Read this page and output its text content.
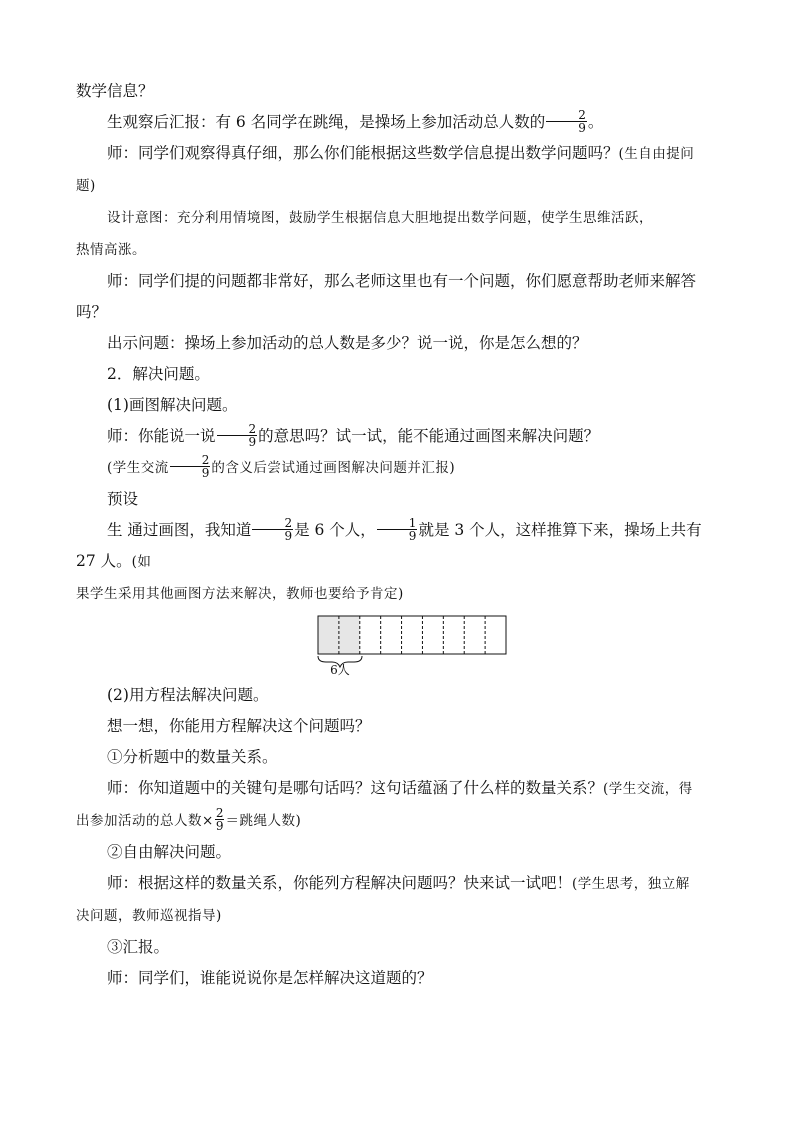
数学信息？

生观察后汇报：有 6 名同学在跳绳，是操场上参加活动总人数的 $\frac{2}{9}$ 。

师：同学们观察得真仔细，那么你们能根据这些数学信息提出数学问题吗？(生自由提问

题)

设计意图：充分利用情境图，鼓励学生根据信息大胆地提出数学问题，使学生思维活跃，

热情高涨。

师：同学们提的问题都非常好，那么老师这里也有一个问题，你们愿意帮助老师来解答

吗？

出示问题：操场上参加活动的总人数是多少？说一说，你是怎么想的？

2．解决问题。

(1)画图解决问题。

师：你能说一说 $\frac{2}{9}$ 的意思吗？试一试，能不能通过画图来解决问题？

(学生交流 $\frac{2}{9}$ 的含义后尝试通过画图解决问题并汇报)

预设

生 通过画图，我知道 $\frac{2}{9}$ 是 6 个人， $\frac{1}{9}$ 就是 3 个人，这样推算下来，操场上共有 27 人。(如

果学生采用其他画图方法来解决，教师也要给予肯定)

6人

(2)用方程法解决问题。

想一想，你能用方程解决这个问题吗？

①分析题中的数量关系。

师：你知道题中的关键句是哪句话吗？这句话蕴涵了什么样的数量关系？(学生交流，得

出参加活动的总人数× $\frac{2}{9}$ ＝跳绳人数)

②自由解决问题。

师：根据这样的数量关系，你能列方程解决问题吗？快来试一试吧！(学生思考，独立解

决问题，教师巡视指导)

③汇报。

师：同学们，谁能说说你是怎样解决这道题的？
